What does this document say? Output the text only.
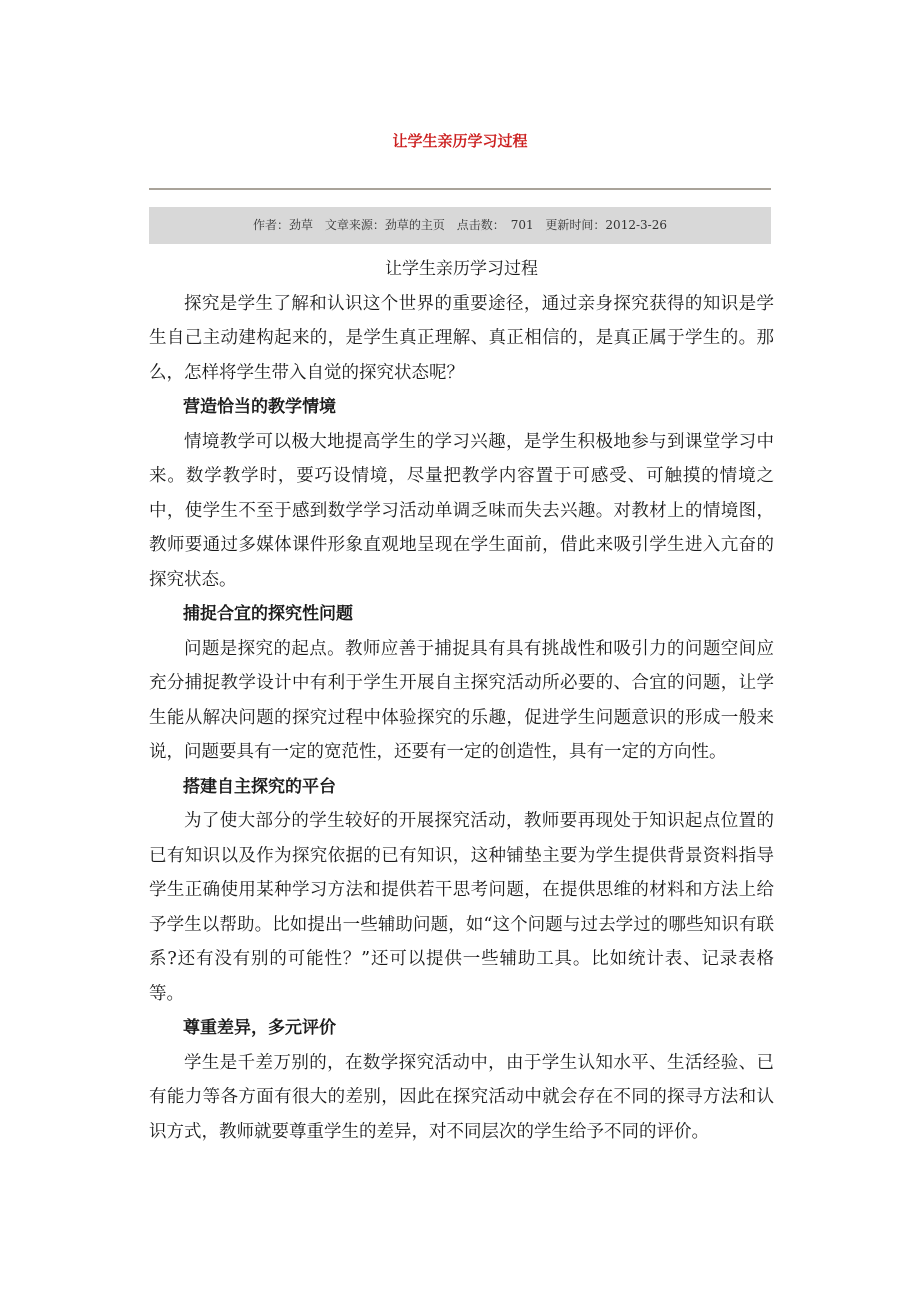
让学生亲历学习过程
作者：劲草 文章来源：劲草的主页 点击数：　701 更新时间：2012-3-26
让学生亲历学习过程

探究是学生了解和认识这个世界的重要途径，通过亲身探究获得的知识是学生自己主动建构起来的，是学生真正理解、真正相信的，是真正属于学生的。那么，怎样将学生带入自觉的探究状态呢？

营造恰当的教学情境

情境教学可以极大地提高学生的学习兴趣，是学生积极地参与到课堂学习中来。数学教学时，要巧设情境，尽量把教学内容置于可感受、可触摸的情境之中，使学生不至于感到数学学习活动单调乏味而失去兴趣。对教材上的情境图，教师要通过多媒体课件形象直观地呈现在学生面前，借此来吸引学生进入亢奋的探究状态。

捕捉合宜的探究性问题

问题是探究的起点。教师应善于捕捉具有具有挑战性和吸引力的问题空间应充分捕捉教学设计中有利于学生开展自主探究活动所必要的、合宜的问题，让学生能从解决问题的探究过程中体验探究的乐趣，促进学生问题意识的形成一般来说，问题要具有一定的宽范性，还要有一定的创造性，具有一定的方向性。

搭建自主探究的平台

为了使大部分的学生较好的开展探究活动，教师要再现处于知识起点位置的已有知识以及作为探究依据的已有知识，这种铺垫主要为学生提供背景资料指导学生正确使用某种学习方法和提供若干思考问题，在提供思维的材料和方法上给予学生以帮助。比如提出一些辅助问题，如“这个问题与过去学过的哪些知识有联系?还有没有别的可能性？”还可以提供一些辅助工具。比如统计表、记录表格等。

尊重差异，多元评价

学生是千差万别的，在数学探究活动中，由于学生认知水平、生活经验、已有能力等各方面有很大的差别，因此在探究活动中就会存在不同的探寻方法和认识方式，教师就要尊重学生的差异，对不同层次的学生给予不同的评价。
